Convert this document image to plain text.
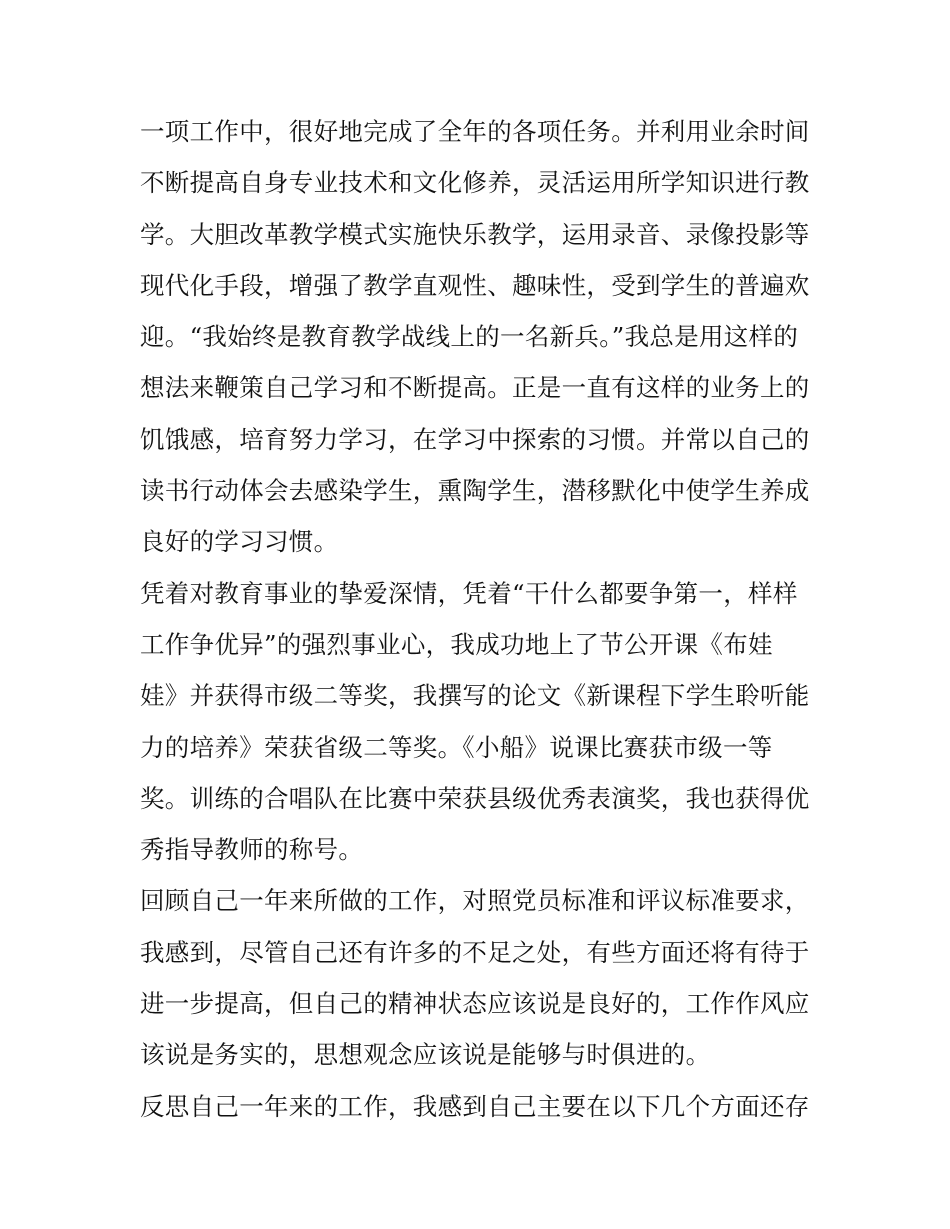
一项工作中，很好地完成了全年的各项任务。并利用业余时间
不断提高自身专业技术和文化修养，灵活运用所学知识进行教
学。大胆改革教学模式实施快乐教学，运用录音、录像投影等
现代化手段，增强了教学直观性、趣味性，受到学生的普遍欢
迎。“我始终是教育教学战线上的一名新兵。”我总是用这样的
想法来鞭策自己学习和不断提高。正是一直有这样的业务上的
饥饿感，培育努力学习，在学习中探索的习惯。并常以自己的
读书行动体会去感染学生，熏陶学生，潜移默化中使学生养成
良好的学习习惯。
凭着对教育事业的挚爱深情，凭着“干什么都要争第一，样样
工作争优异”的强烈事业心，我成功地上了节公开课《布娃
娃》并获得市级二等奖，我撰写的论文《新课程下学生聆听能
力的培养》荣获省级二等奖。《小船》说课比赛获市级一等
奖。训练的合唱队在比赛中荣获县级优秀表演奖，我也获得优
秀指导教师的称号。
回顾自己一年来所做的工作，对照党员标准和评议标准要求，
我感到，尽管自己还有许多的不足之处，有些方面还将有待于
进一步提高，但自己的精神状态应该说是良好的，工作作风应
该说是务实的，思想观念应该说是能够与时俱进的。
反思自己一年来的工作，我感到自己主要在以下几个方面还存
